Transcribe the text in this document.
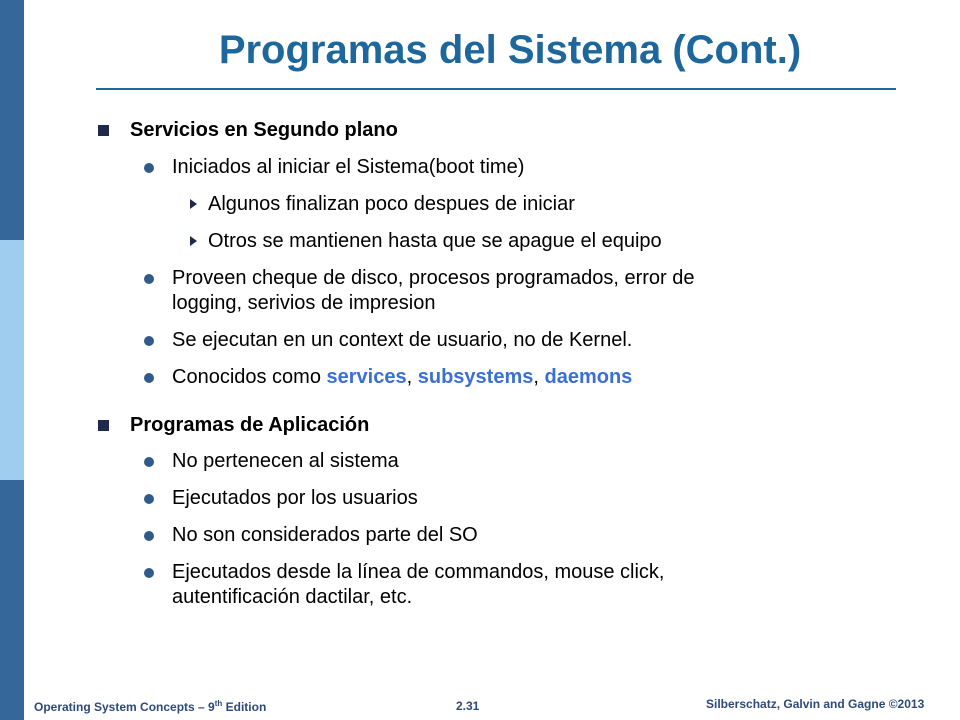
Programas del Sistema (Cont.)
Servicios en Segundo plano
Iniciados al iniciar el Sistema(boot time)
Algunos finalizan poco despues de iniciar
Otros se mantienen hasta que se apague el equipo
Proveen cheque de disco, procesos programados, error de
logging, serivios de impresion
Se ejecutan en un context de usuario, no de Kernel.
Conocidos como services, subsystems, daemons
Programas de Aplicación
No pertenecen al sistema
Ejecutados por los usuarios
No son considerados parte del SO
Ejecutados desde la línea de commandos, mouse click,
autentificación dactilar, etc.
Operating System Concepts – 9th Edition	2.31	Silberschatz, Galvin and Gagne ©2013
